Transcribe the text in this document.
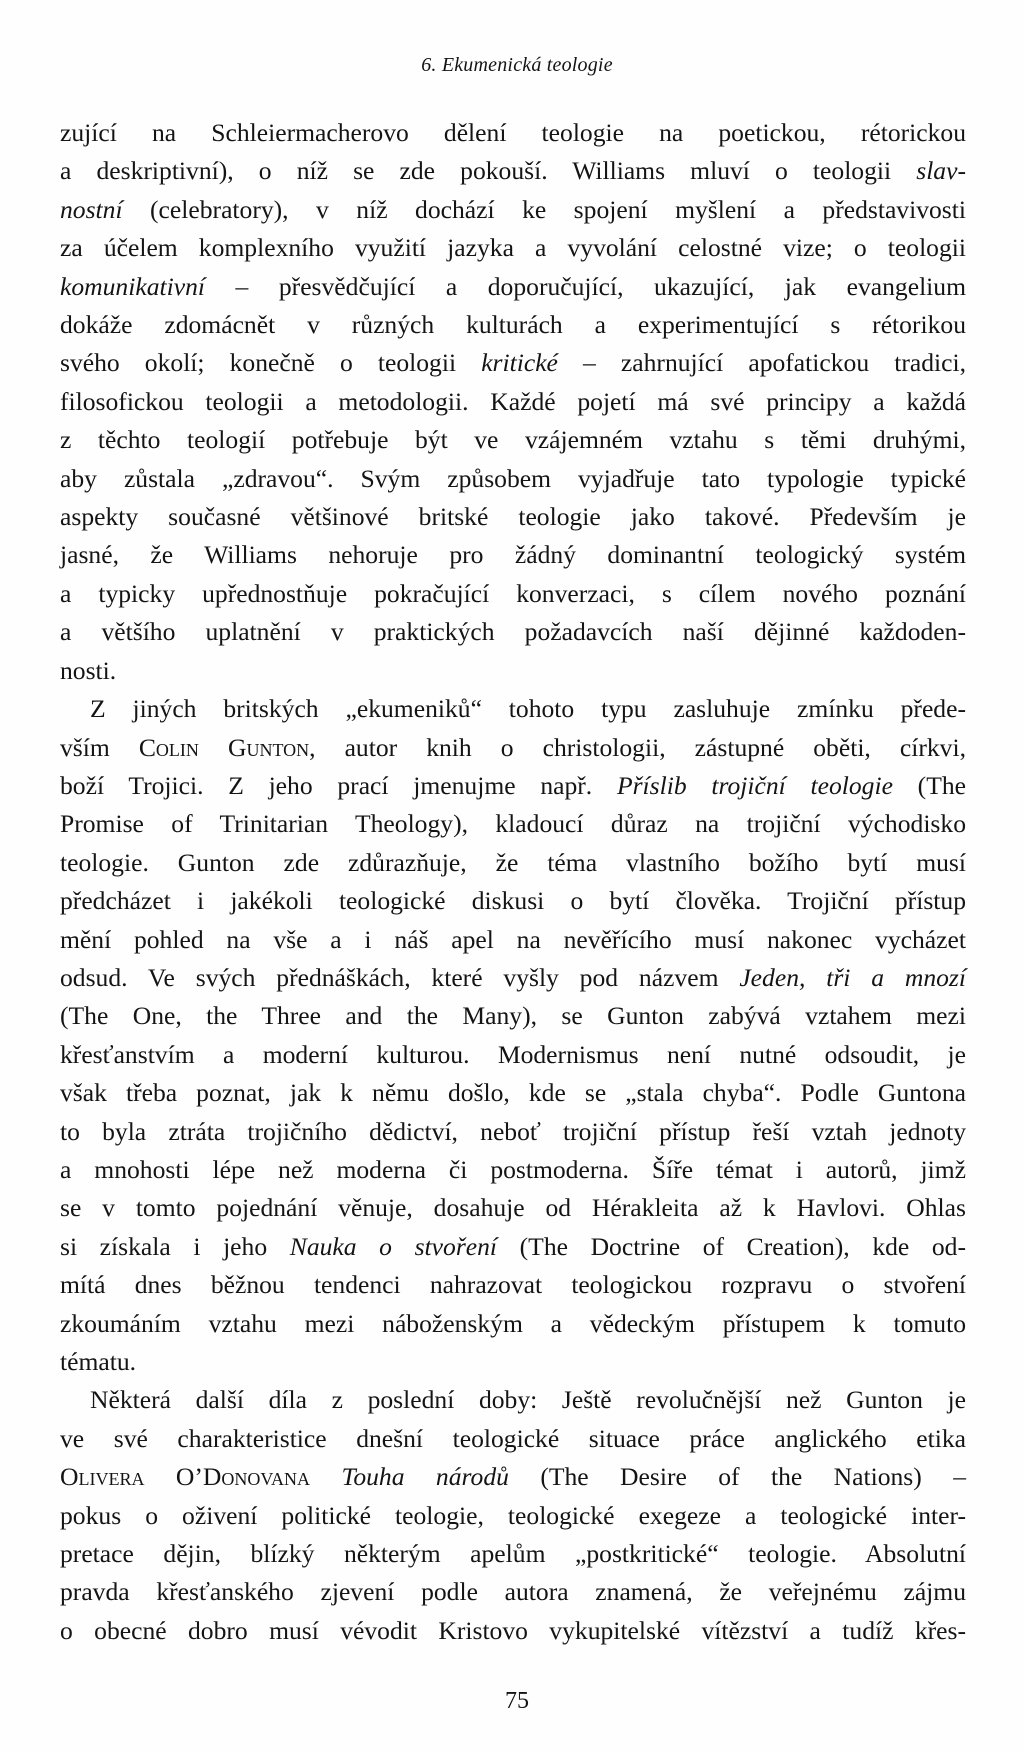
6. Ekumenická teologie
zující na Schleiermacherovo dělení teologie na poetickou, rétorickou
a deskriptivní), o níž se zde pokouší. Williams mluví o teologii slav-
nostní (celebratory), v níž dochází ke spojení myšlení a představivosti
za účelem komplexního využití jazyka a vyvolání celostné vize; o teologii
komunikativní – přesvědčující a doporučující, ukazující, jak evangelium
dokáže zdomácnět v různých kulturách a experimentující s rétorikou
svého okolí; konečně o teologii kritické – zahrnující apofatickou tradici,
filosofickou teologii a metodologii. Každé pojetí má své principy a každá
z těchto teologií potřebuje být ve vzájemném vztahu s těmi druhými,
aby zůstala „zdravou“. Svým způsobem vyjadřuje tato typologie typické
aspekty současné většinové britské teologie jako takové. Především je
jasné, že Williams nehoruje pro žádný dominantní teologický systém
a typicky upřednostňuje pokračující konverzaci, s cílem nového poznání
a většího uplatnění v praktických požadavcích naší dějinné každoden-
nosti.
Z jiných britských „ekumeniků“ tohoto typu zasluhuje zmínku přede-
vším Colin Gunton, autor knih o christologii, zástupné oběti, církvi,
boží Trojici. Z jeho prací jmenujme např. Příslib trojiční teologie (The
Promise of Trinitarian Theology), kladoucí důraz na trojiční východisko
teologie. Gunton zde zdůrazňuje, že téma vlastního božího bytí musí
předcházet i jakékoli teologické diskusi o bytí člověka. Trojiční přístup
mění pohled na vše a i náš apel na nevěřícího musí nakonec vycházet
odsud. Ve svých přednáškách, které vyšly pod názvem Jeden, tři a mnozí
(The One, the Three and the Many), se Gunton zabývá vztahem mezi
křesťanstvím a moderní kulturou. Modernismus není nutné odsoudit, je
však třeba poznat, jak k němu došlo, kde se „stala chyba“. Podle Guntona
to byla ztráta trojičního dědictví, neboť trojiční přístup řeší vztah jednoty
a mnohosti lépe než moderna či postmoderna. Šíře témat i autorů, jimž
se v tomto pojednání věnuje, dosahuje od Hérakleita až k Havlovi. Ohlas
si získala i jeho Nauka o stvoření (The Doctrine of Creation), kde od-
mítá dnes běžnou tendenci nahrazovat teologickou rozpravu o stvoření
zkoumáním vztahu mezi náboženským a vědeckým přístupem k tomuto
tématu.
Některá další díla z poslední doby: Ještě revolučnější než Gunton je
ve své charakteristice dnešní teologické situace práce anglického etika
Olivera O’Donovana Touha národů (The Desire of the Nations) –
pokus o oživení politické teologie, teologické exegeze a teologické inter-
pretace dějin, blízký některým apelům „postkritické“ teologie. Absolutní
pravda křesťanského zjevení podle autora znamená, že veřejnému zájmu
o obecné dobro musí vévodit Kristovo vykupitelské vítězství a tudíž křes-
75
